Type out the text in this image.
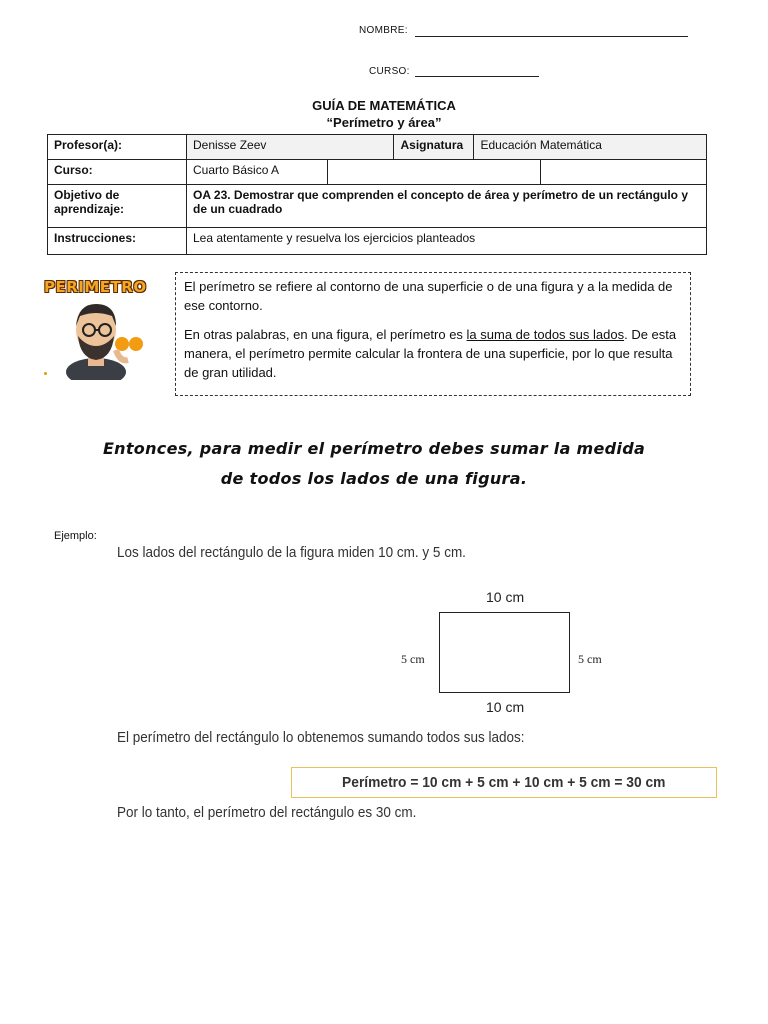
NOMBRE:
CURSO:
GUÍA DE MATEMÁTICA
“Perímetro y área”
Profesor(a):	Denisse Zeev		Asignatura	Educación Matemática	
Curso:	Cuarto Básico A				
Objetivo de aprendizaje:	OA 23. Demostrar que comprenden el concepto de área y perímetro de un rectángulo y de un cuadrado				
Instrucciones:	Lea atentamente y resuelva los ejercicios planteados				
PERIMETRO	El perímetro se refiere al contorno de una superficie o de una figura y a la medida de ese contorno.

En otras palabras, en una figura, el perímetro es la suma de todos sus lados. De esta manera, el perímetro permite calcular la frontera de una superficie, por lo que resulta de gran utilidad.

Entonces, para medir el perímetro debes sumar la medida
de todos los lados de una figura.
Ejemplo:
Los lados del rectángulo de la figura miden 10 cm. y 5 cm.
10 cm
5 cm	5 cm
10 cm
El perímetro del rectángulo lo obtenemos sumando todos sus lados:
Perímetro = 10 cm + 5 cm + 10 cm + 5 cm = 30 cm
Por lo tanto, el perímetro del rectángulo es 30 cm.
